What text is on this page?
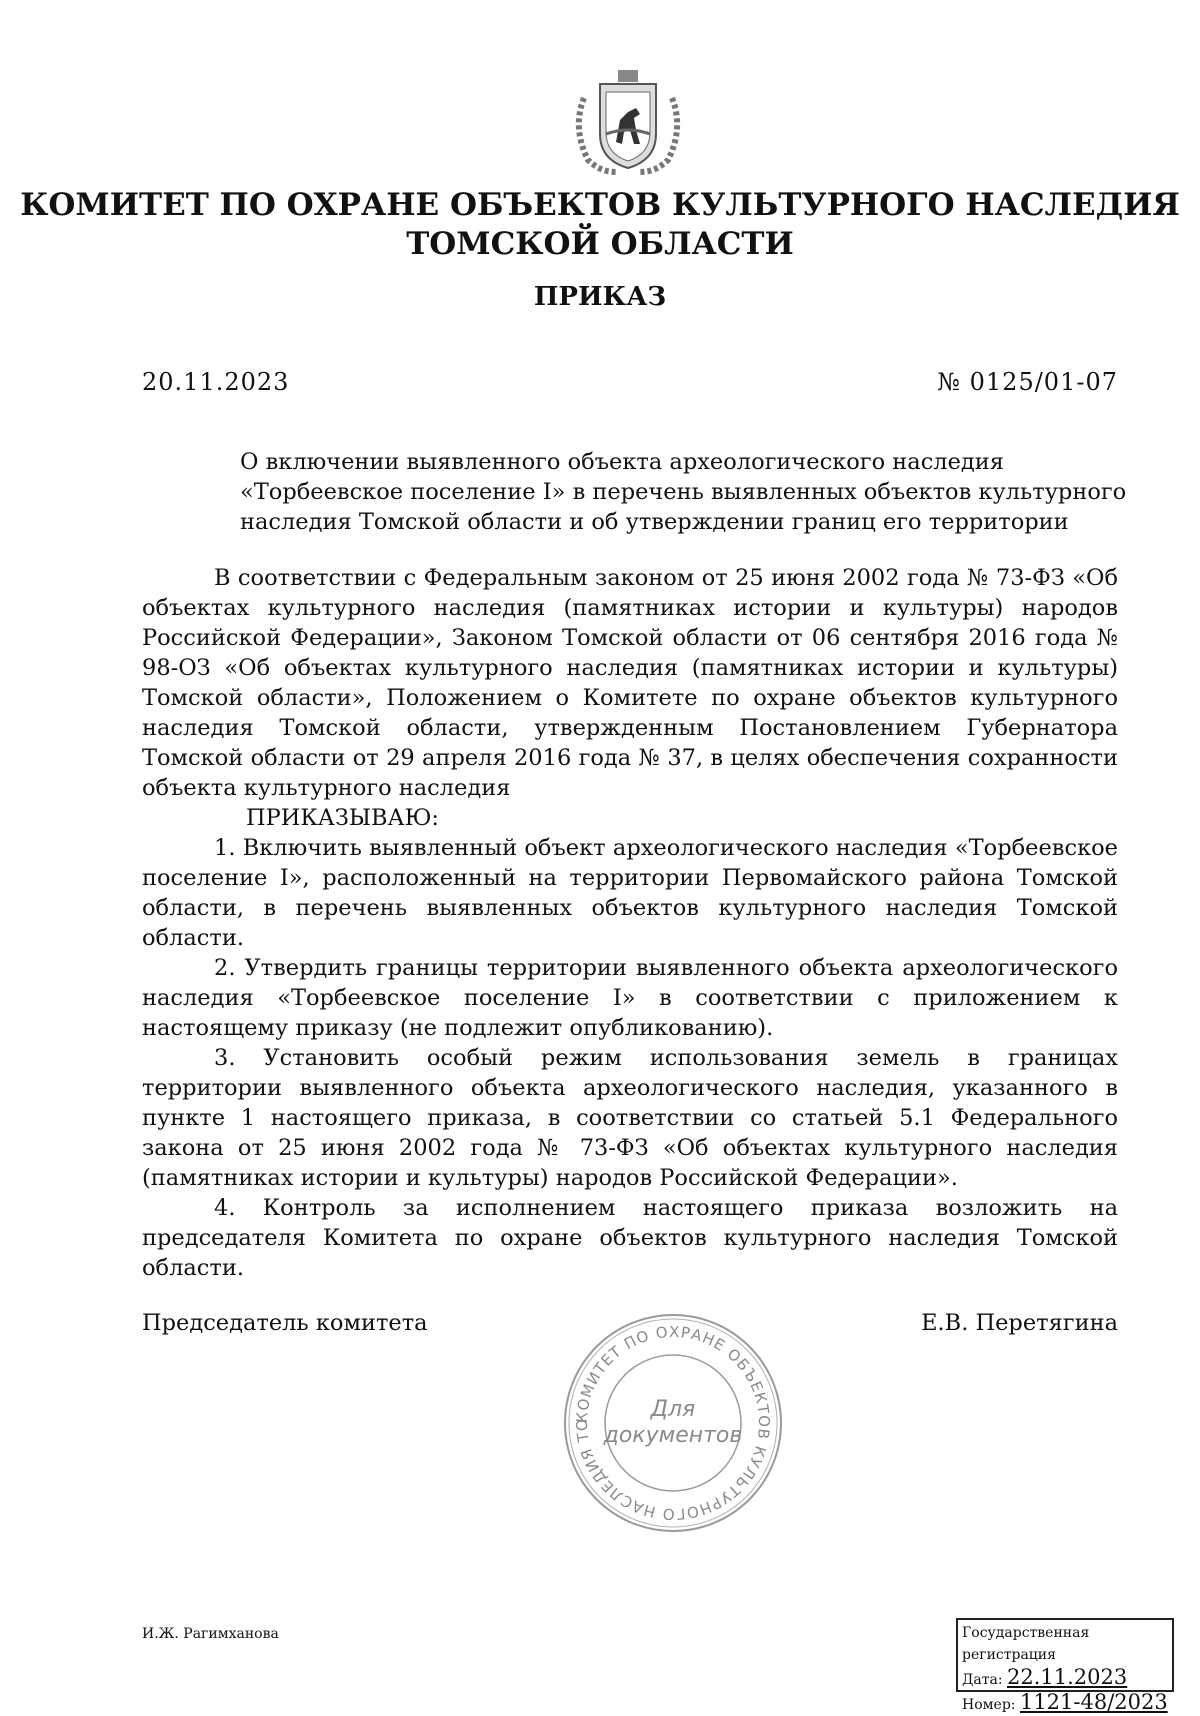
КОМИТЕТ ПО ОХРАНЕ ОБЪЕКТОВ КУЛЬТУРНОГО НАСЛЕДИЯ
ТОМСКОЙ ОБЛАСТИ
ПРИКАЗ
20.11.2023	№ 0125/01-07
О включении выявленного объекта археологического наследия
«Торбеевское поселение I» в перечень выявленных объектов культурного
наследия Томской области и об утверждении границ его территории
В соответствии с Федеральным законом от 25 июня 2002 года № 73-ФЗ «Об объектах культурного наследия (памятниках истории и культуры) народов Российской Федерации», Законом Томской области от 06 сентября 2016 года № 98-ОЗ «Об объектах культурного наследия (памятниках истории и культуры) Томской области», Положением о Комитете по охране объектов культурного наследия Томской области, утвержденным Постановлением Губернатора Томской области от 29 апреля 2016 года № 37, в целях обеспечения сохранности объекта культурного наследия
ПРИКАЗЫВАЮ:
1. Включить выявленный объект археологического наследия «Торбеевское поселение I», расположенный на территории Первомайского района Томской области, в перечень выявленных объектов культурного наследия Томской области.
2. Утвердить границы территории выявленного объекта археологического наследия «Торбеевское поселение I» в соответствии с приложением к настоящему приказу (не подлежит опубликованию).
3. Установить особый режим использования земель в границах территории выявленного объекта археологического наследия, указанного в пункте 1 настоящего приказа, в соответствии со статьей 5.1 Федерального закона от 25 июня 2002 года № 73-ФЗ «Об объектах культурного наследия (памятниках истории и культуры) народов Российской Федерации».
4. Контроль за исполнением настоящего приказа возложить на председателя Комитета по охране объектов культурного наследия Томской области.
Председатель комитета	Е.В. Перетягина
КОМИТЕТ ПО ОХРАНЕ ОБЪЕКТОВ КУЛЬТУРНОГО НАСЛЕДИЯ ТО
Для
документов
И.Ж. Рагимханова	Государственная регистрация
Дата: 22.11.2023
Номер: 1121-48/2023
